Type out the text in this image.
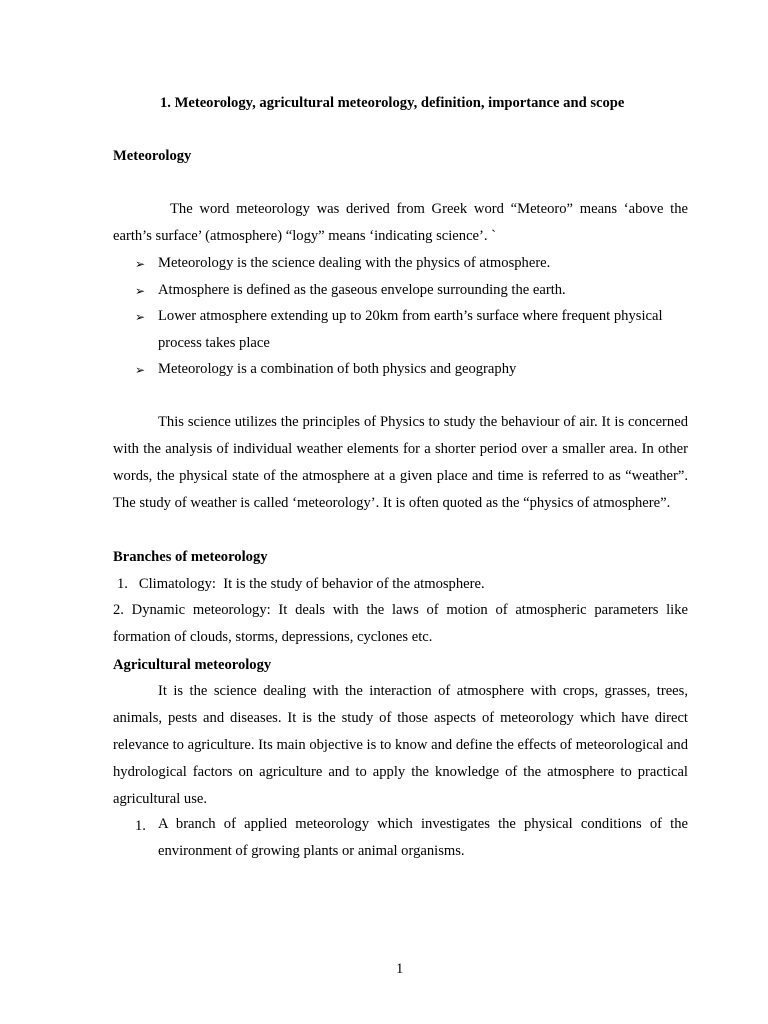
1. Meteorology, agricultural meteorology, definition, importance and scope
Meteorology
The word meteorology was derived from Greek word “Meteoro” means ‘above the earth’s surface’ (atmosphere) “logy” means ‘indicating science’. `
➢ Meteorology is the science dealing with the physics of atmosphere.
➢ Atmosphere is defined as the gaseous envelope surrounding the earth.
➢ Lower atmosphere extending up to 20km from earth’s surface where frequent physical process takes place
➢ Meteorology is a combination of both physics and geography
This science utilizes the principles of Physics to study the behaviour of air. It is concerned with the analysis of individual weather elements for a shorter period over a smaller area. In other words, the physical state of the atmosphere at a given place and time is referred to as “weather”. The study of weather is called ‘meteorology’. It is often quoted as the “physics of atmosphere”.
Branches of meteorology
1.   Climatology:  It is the study of behavior of the atmosphere.
2. Dynamic meteorology: It deals with the laws of motion of atmospheric parameters like formation of clouds, storms, depressions, cyclones etc.
Agricultural meteorology
It is the science dealing with the interaction of atmosphere with crops, grasses, trees, animals, pests and diseases. It is the study of those aspects of meteorology which have direct relevance to agriculture. Its main objective is to know and define the effects of meteorological and hydrological factors on agriculture and to apply the knowledge of the atmosphere to practical agricultural use.
1. A branch of applied meteorology which investigates the physical conditions of the environment of growing plants or animal organisms.
1
